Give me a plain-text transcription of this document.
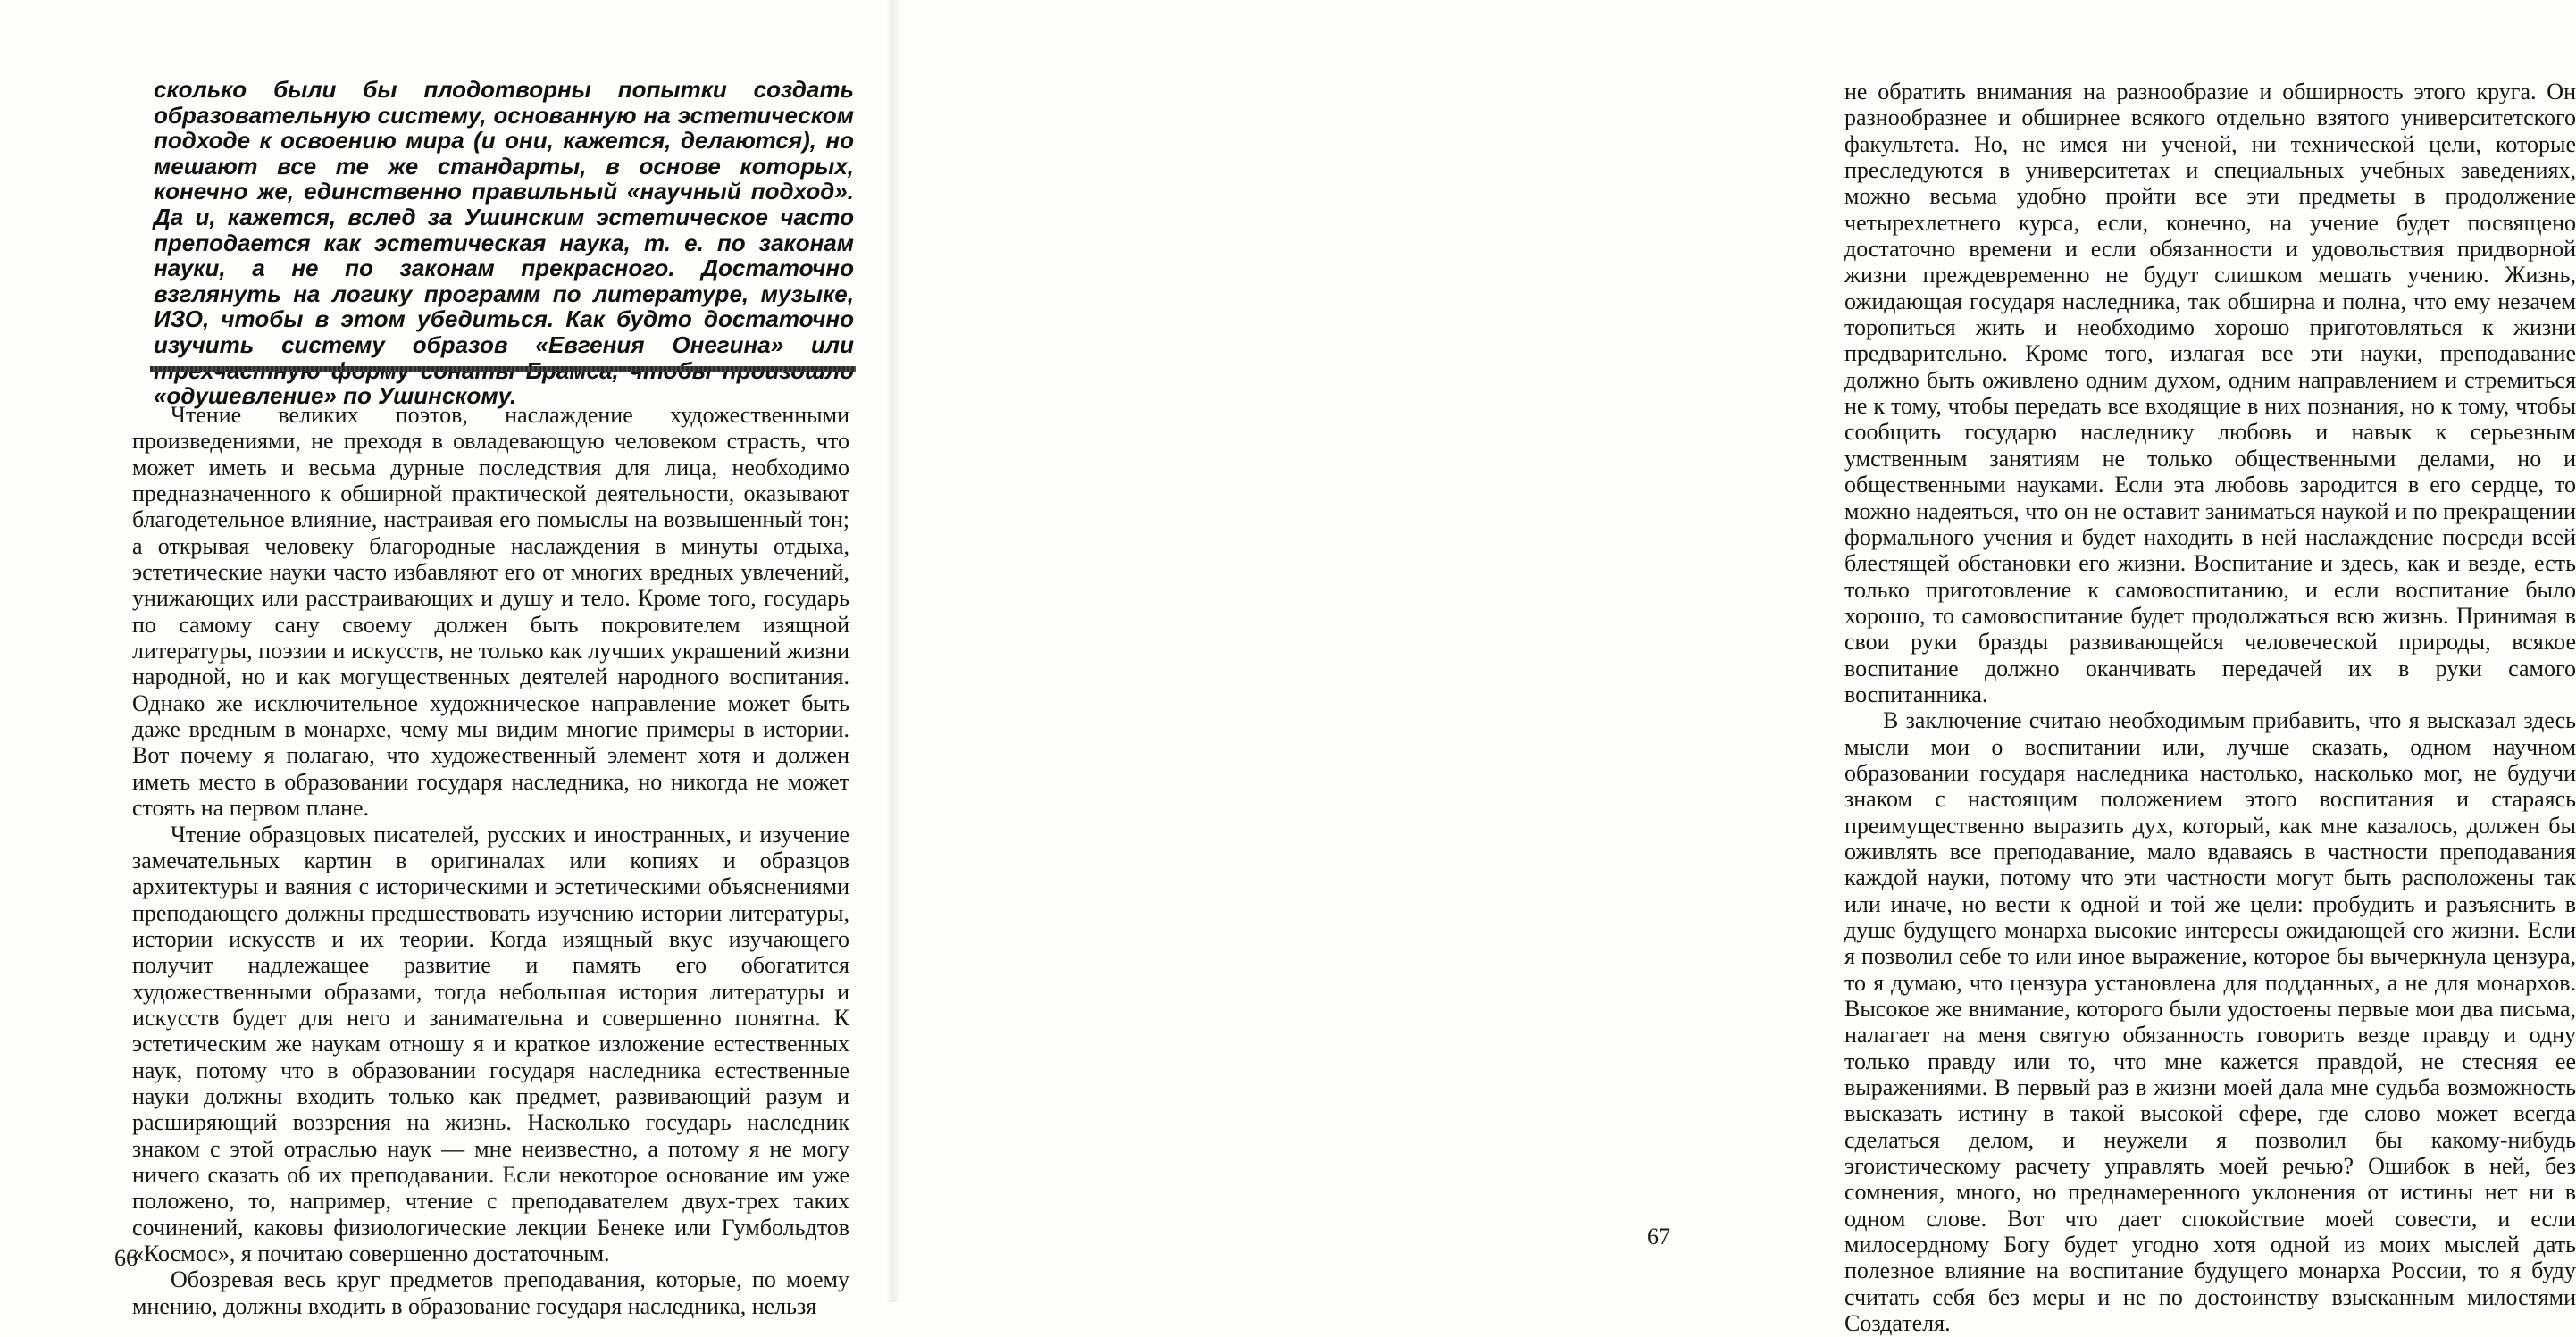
сколько были бы плодотворны попытки создать образовательную систему, основанную на эстетическом подходе к освоению мира (и они, кажется, делаются), но мешают все те же стандарты, в основе которых, конечно же, единственно правильный «научный подход». Да и, кажется, вслед за Ушинским эстетическое часто преподается как эстетическая наука, т. е. по законам науки, а не по законам прекрасного. Достаточно взглянуть на логику программ по литературе, музыке, ИЗО, чтобы в этом убедиться. Как будто достаточно изучить систему образов «Евгения Онегина» или «одушевление» по Ушинскому.

Чтение великих поэтов, наслаждение художественными произведениями, не преходя в овладевающую человеком страсть, что может иметь и весьма дурные последствия для лица, необходимо предназначенного к обширной практической деятельности, оказывают благодетельное влияние, настраивая его помыслы на возвышенный тон; а открывая человеку благородные наслаждения в минуты отдыха, эстетические науки часто избавляют его от многих вредных увлечений, унижающих или расстраивающих и душу и тело. Кроме того, государь по самому сану своему должен быть покровителем изящной литературы, поэзии и искусств, не только как лучших украшений жизни народной, но и как могущественных деятелей народного воспитания. Однако же исключительное художническое направление может быть даже вредным в монархе, чему мы видим многие примеры в истории. Вот почему я полагаю, что художественный элемент хотя и должен иметь место в образовании государя наследника, но никогда не может стоять на первом плане.

Чтение образцовых писателей, русских и иностранных, и изучение замечательных картин в оригиналах или копиях и образцов архитектуры и ваяния с историческими и эстетическими объяснениями преподающего должны предшествовать изучению истории литературы, истории искусств и их теории. Когда изящный вкус изучающего получит надлежащее развитие и память его обогатится художественными образами, тогда небольшая история литературы и искусств будет для него и занимательна и совершенно понятна. К эстетическим же наукам отношу я и краткое изложение естественных наук, потому что в образовании государя наследника естественные науки должны входить только как предмет, развивающий разум и расширяющий воззрения на жизнь. Насколько государь наследник знаком с этой отраслью наук — мне неизвестно, а потому я не могу ничего сказать об их преподавании. Если некоторое основание им уже положено, то, например, чтение с преподавателем двух-трех таких сочинений, каковы физиологические лекции Бенеке или Гумбольдтов «Космос», я почитаю совершенно достаточным.

Обозревая весь круг предметов преподавания, которые, по моему мнению, должны входить в образование государя наследника, нельзя

66

не обратить внимания на разнообразие и обширность этого круга. Он разнообразнее и обширнее всякого отдельно взятого университетского факультета. Но, не имея ни ученой, ни технической цели, которые преследуются в университетах и специальных учебных заведениях, можно весьма удобно пройти все эти предметы в продолжение четырехлетнего курса, если, конечно, на учение будет посвящено достаточно времени и если обязанности и удовольствия придворной жизни преждевременно не будут слишком мешать учению. Жизнь, ожидающая государя наследника, так обширна и полна, что ему незачем торопиться жить и необходимо хорошо приготовляться к жизни предварительно. Кроме того, излагая все эти науки, преподавание должно быть оживлено одним духом, одним направлением и стремиться не к тому, чтобы передать все входящие в них познания, но к тому, чтобы сообщить государю наследнику любовь и навык к серьезным умственным занятиям не только общественными делами, но и общественными науками. Если эта любовь зародится в его сердце, то можно надеяться, что он не оставит заниматься наукой и по прекращении формального учения и будет находить в ней наслаждение посреди всей блестящей обстановки его жизни. Воспитание и здесь, как и везде, есть только приготовление к самовоспитанию, и если воспитание было хорошо, то самовоспитание будет продолжаться всю жизнь. Принимая в свои руки бразды развивающейся человеческой природы, всякое воспитание должно оканчивать передачей их в руки самого воспитанника.

В заключение считаю необходимым прибавить, что я высказал здесь мысли мои о воспитании или, лучше сказать, одном научном образовании государя наследника настолько, насколько мог, не будучи знаком с настоящим положением этого воспитания и стараясь преимущественно выразить дух, который, как мне казалось, должен бы оживлять все преподавание, мало вдаваясь в частности преподавания каждой науки, потому что эти частности могут быть расположены так или иначе, но вести к одной и той же цели: пробудить и разъяснить в душе будущего монарха высокие интересы ожидающей его жизни. Если я позволил себе то или иное выражение, которое бы вычеркнула цензура, то я думаю, что цензура установлена для подданных, а не для монархов. Высокое же внимание, которого были удостоены первые мои два письма, налагает на меня святую обязанность говорить везде правду и одну только правду или то, что мне кажется правдой, не стесняя ее выражениями. В первый раз в жизни моей дала мне судьба возможность высказать истину в такой высокой сфере, где слово может всегда сделаться делом, и неужели я позволил бы какому-нибудь эгоистическому расчету управлять моей речью? Ошибок в ней, без сомнения, много, но преднамеренного уклонения от истины нет ни в одном слове. Вот что дает спокойствие моей совести, и если милосердному Богу будет угодно хотя одной из моих мыслей дать полезное влияние на воспитание будущего монарха России, то я буду считать себя без меры и не по достоинству взысканным милостями Создателя.

67
